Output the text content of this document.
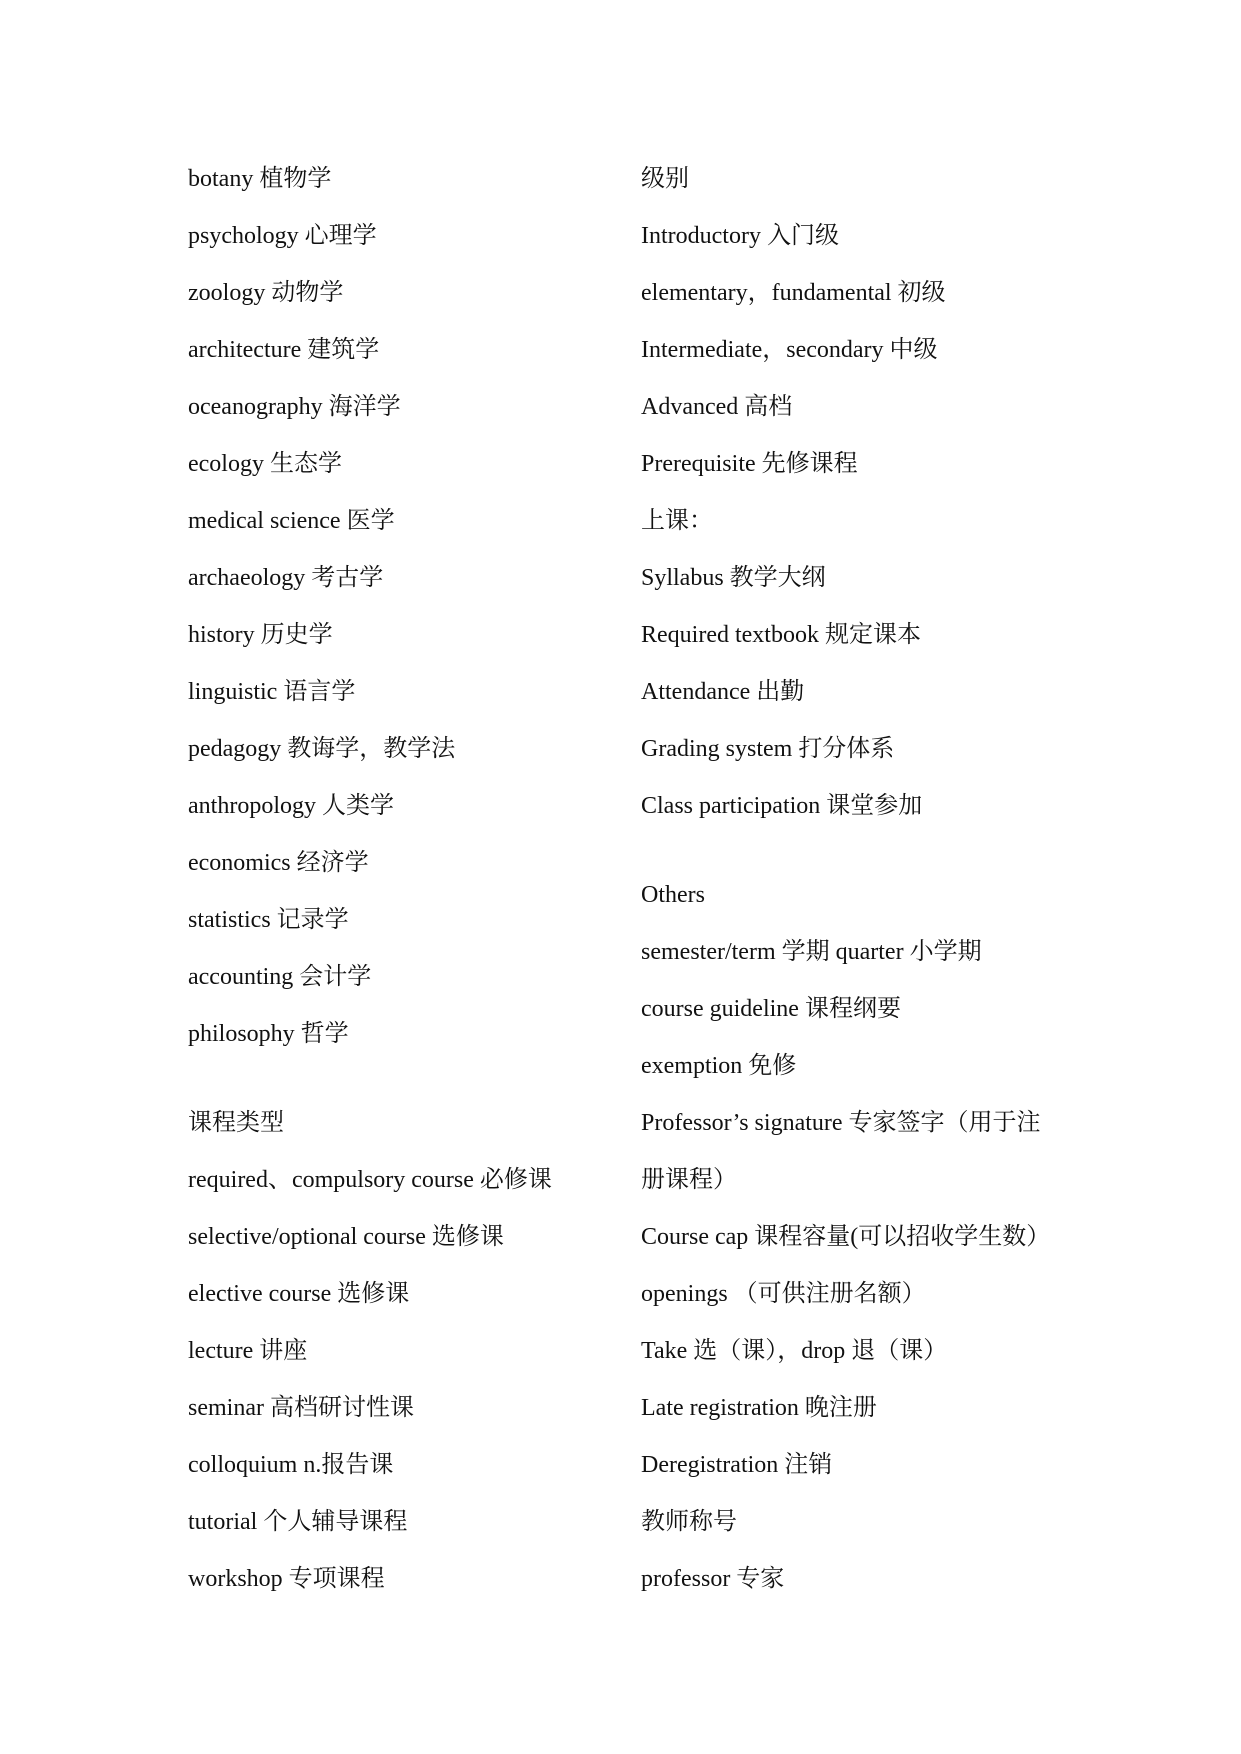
botany 植物学
psychology 心理学
zoology 动物学
architecture 建筑学
oceanography 海洋学
ecology 生态学
medical science 医学
archaeology 考古学
history 历史学
linguistic 语言学
pedagogy 教诲学，教学法
anthropology 人类学
economics 经济学
statistics 记录学
accounting 会计学
philosophy 哲学
课程类型
required、compulsory course 必修课
selective/optional course 选修课
elective course 选修课
lecture 讲座
seminar 高档研讨性课
colloquium n.报告课
tutorial 个人辅导课程
workshop 专项课程
级别
Introductory 入门级
elementary，fundamental 初级
Intermediate，secondary 中级
Advanced 高档
Prerequisite 先修课程
上课：
Syllabus 教学大纲
Required textbook 规定课本
Attendance 出勤
Grading system 打分体系
Class participation 课堂参加
Others
semester/term 学期 quarter 小学期
course guideline 课程纲要
exemption 免修
Professor’s signature 专家签字（用于注
册课程）
Course cap 课程容量(可以招收学生数）
openings （可供注册名额）
Take 选（课），drop 退（课）
Late registration 晚注册
Deregistration 注销
教师称号
professor 专家
